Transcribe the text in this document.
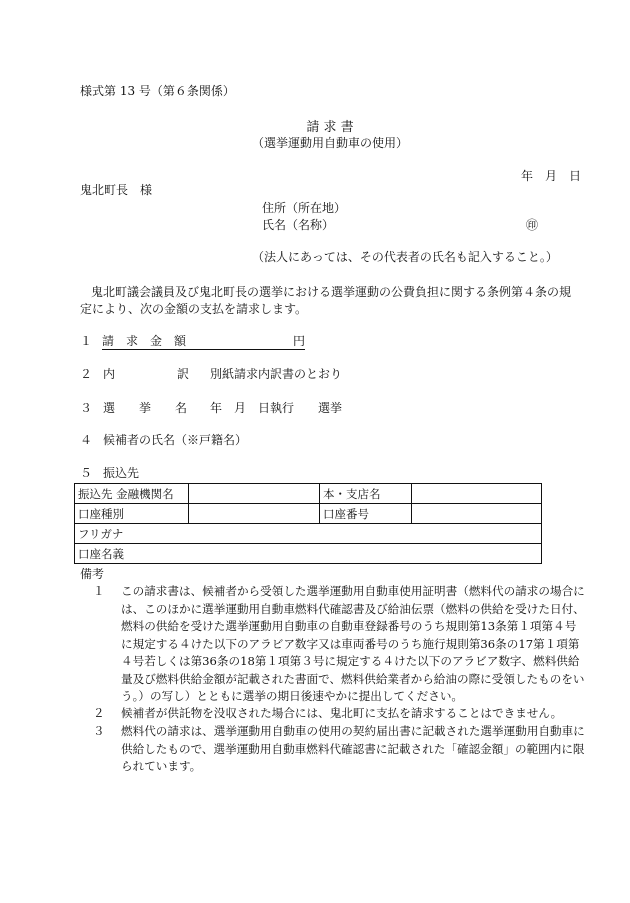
様式第 13 号（第６条関係）
請 求 書
（選挙運動用自動車の使用）
年　月　日
鬼北町長　様
住所（所在地）
氏名（名称）	㊞
（法人にあっては、その代表者の氏名も記入すること。）
鬼北町議会議員及び鬼北町長の選挙における選挙運動の公費負担に関する条例第４条の規
定により、次の金額の支払を請求します。
１ 請　求　金　額	円
２ 内	訳 別紙請求内訳書のとおり
３ 選　　挙　　名 年　月　日執行　　選挙
４ 候補者の氏名（※戸籍名）
５ 振込先
振込先 金融機関名		本・支店名	
口座種別		口座番号	
フリガナ			
口座名義			
備考
１ この請求書は、候補者から受領した選挙運動用自動車使用証明書（燃料代の請求の場合には、このほかに選挙運動用自動車燃料代確認書及び給油伝票（燃料の供給を受けた日付、燃料の供給を受けた選挙運動用自動車の自動車登録番号のうち規則第13条第１項第４号に規定する４けた以下のアラビア数字又は車両番号のうち施行規則第36条の17第１項第４号若しくは第36条の18第１項第３号に規定する４けた以下のアラビア数字、燃料供給量及び燃料供給金額が記載された書面で、燃料供給業者から給油の際に受領したものをいう。）の写し）とともに選挙の期日後速やかに提出してください。
２ 候補者が供託物を没収された場合には、鬼北町に支払を請求することはできません。
３ 燃料代の請求は、選挙運動用自動車の使用の契約届出書に記載された選挙運動用自動車に供給したもので、選挙運動用自動車燃料代確認書に記載された「確認金額」の範囲内に限られています。
